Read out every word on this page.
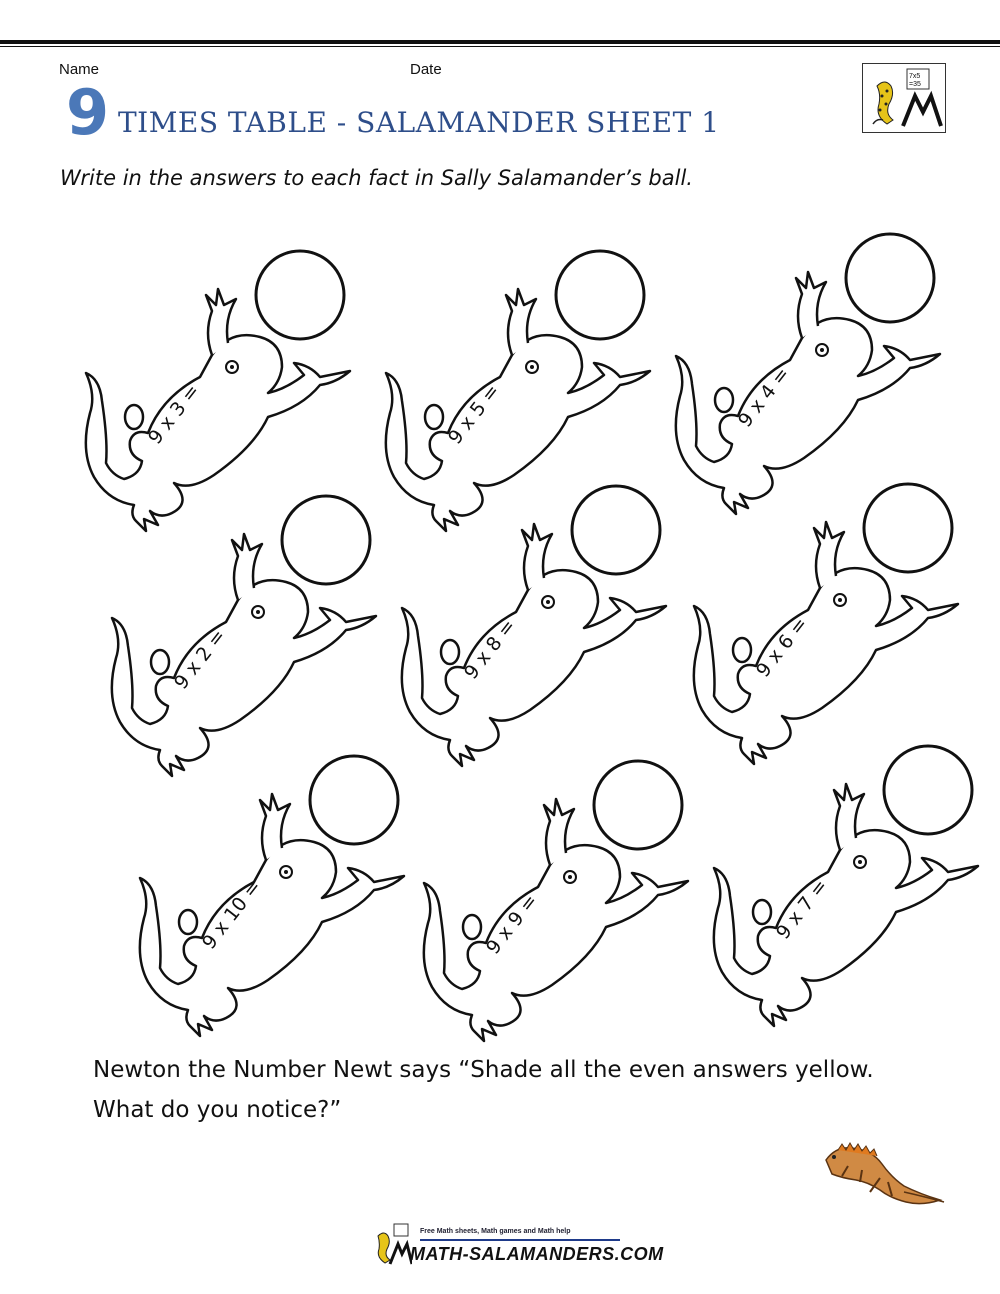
Name	Date
9 TIMES TABLE - SALAMANDER SHEET 1
7x5
=35
Write in the answers to each fact in Sally Salamander’s ball.
9 x 3 =	9 x 5 =	9 x 4 =
9 x 2 =	9 x 8 =	9 x 6 =
9 x 10 =	9 x 9 =	9 x 7 =
Newton the Number Newt says “Shade all the even answers yellow.
What do you notice?”
Free Math sheets, Math games and Math help
MATH-SALAMANDERS.COM
